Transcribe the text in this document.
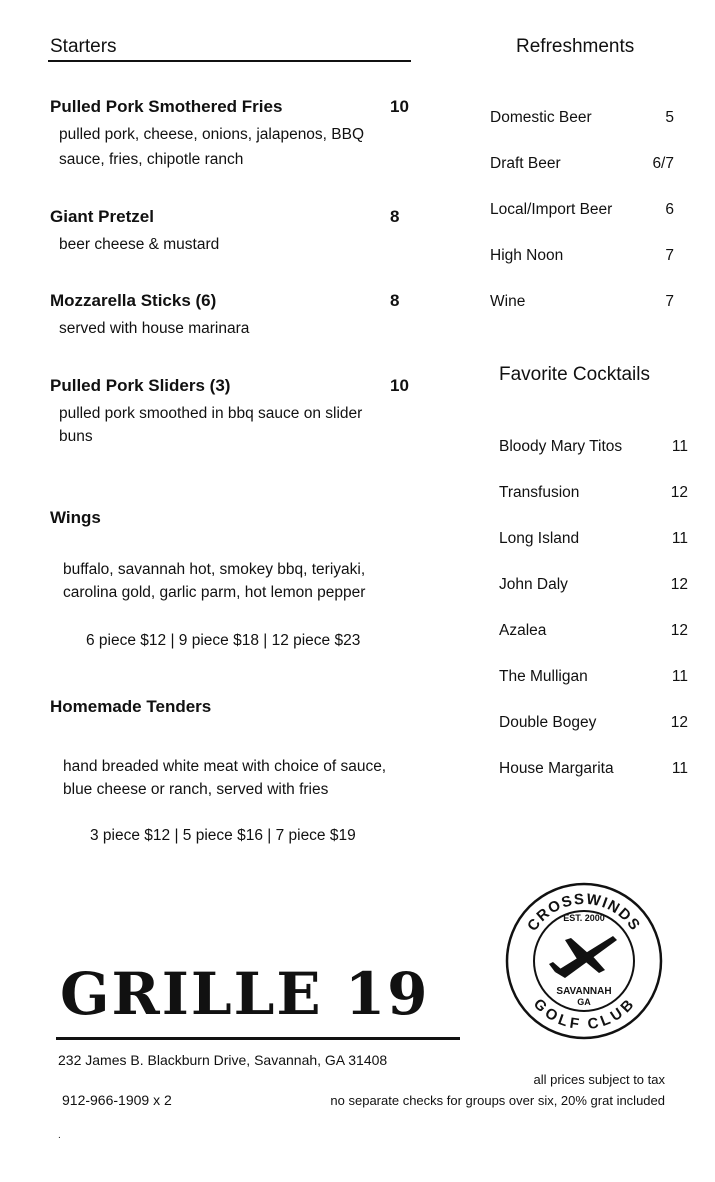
Starters
Pulled Pork Smothered Fries	10
pulled pork, cheese, onions, jalapenos, BBQ
sauce, fries, chipotle ranch
Giant Pretzel	8
beer cheese & mustard
Mozzarella Sticks (6)	8
served with house marinara
Pulled Pork Sliders (3)	10
pulled pork smoothed in bbq sauce on slider
buns
Wings
buffalo, savannah hot, smokey bbq, teriyaki,
carolina gold, garlic parm, hot lemon pepper
6 piece $12 | 9 piece $18 | 12 piece $23
Homemade Tenders
hand breaded white meat with choice of sauce,
blue cheese or ranch, served with fries
3 piece $12 | 5 piece $16 | 7 piece $19
Refreshments
Domestic Beer	5
Draft Beer	6/7
Local/Import Beer	6
High Noon	7
Wine	7
Favorite Cocktails
Bloody Mary Titos	11
Transfusion	12
Long Island	11
John Daly	12
Azalea	12
The Mulligan	11
Double Bogey	12
House Margarita	11
CROSSWINDS
GOLF CLUB
EST. 2000
SAVANNAH
GA
GRILLE 19
232 James B. Blackburn Drive, Savannah, GA 31408
all prices subject to tax
912-966-1909 x 2	no separate checks for groups over six, 20% grat included
.
